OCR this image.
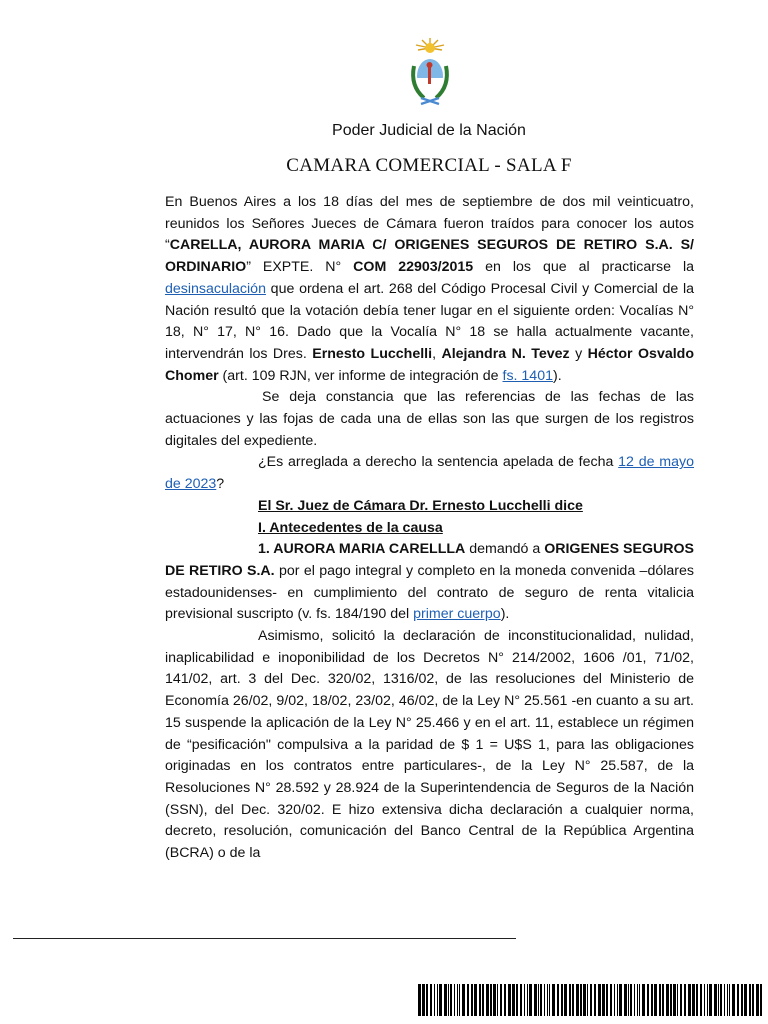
Poder Judicial de la Nación
CAMARA COMERCIAL - SALA F

En Buenos Aires a los 18 días del mes de septiembre de dos mil veinticuatro, reunidos los Señores Jueces de Cámara fueron traídos para conocer los autos “CARELLA, AURORA MARIA C/ ORIGENES SEGUROS DE RETIRO S.A. S/ ORDINARIO” EXPTE. N° COM 22903/2015 en los que al practicarse la desinsaculación que ordena el art. 268 del Código Procesal Civil y Comercial de la Nación resultó que la votación debía tener lugar en el siguiente orden: Vocalías N° 18, N° 17, N° 16. Dado que la Vocalía N° 18 se halla actualmente vacante, intervendrán los Dres. Ernesto Lucchelli, Alejandra N. Tevez y Héctor Osvaldo Chomer (art. 109 RJN, ver informe de integración de fs. 1401).

Se deja constancia que las referencias de las fechas de las actuaciones y las fojas de cada una de ellas son las que surgen de los registros digitales del expediente.

¿Es arreglada a derecho la sentencia apelada de fecha 12 de mayo de 2023?

El Sr. Juez de Cámara Dr. Ernesto Lucchelli dice

I. Antecedentes de la causa

1. AURORA MARIA CARELLLA demandó a ORIGENES SEGUROS DE RETIRO S.A. por el pago integral y completo en la moneda convenida –dólares estadounidenses- en cumplimiento del contrato de seguro de renta vitalicia previsional suscripto (v. fs. 184/190 del primer cuerpo).

Asimismo, solicitó la declaración de inconstitucionalidad, nulidad, inaplicabilidad e inoponibilidad de los Decretos N° 214/2002, 1606 /01, 71/02, 141/02, art. 3 del Dec. 320/02, 1316/02, de las resoluciones del Ministerio de Economía 26/02, 9/02, 18/02, 23/02, 46/02, de la Ley N° 25.561 -en cuanto a su art. 15 suspende la aplicación de la Ley N° 25.466 y en el art. 11, establece un régimen de “pesificación" compulsiva a la paridad de $ 1 = U$S 1, para las obligaciones originadas en los contratos entre particulares-, de la Ley N° 25.587, de la Resoluciones N° 28.592 y 28.924 de la Superintendencia de Seguros de la Nación (SSN), del Dec. 320/02. E hizo extensiva dicha declaración a cualquier norma, decreto, resolución, comunicación del Banco Central de la República Argentina (BCRA) o de la
